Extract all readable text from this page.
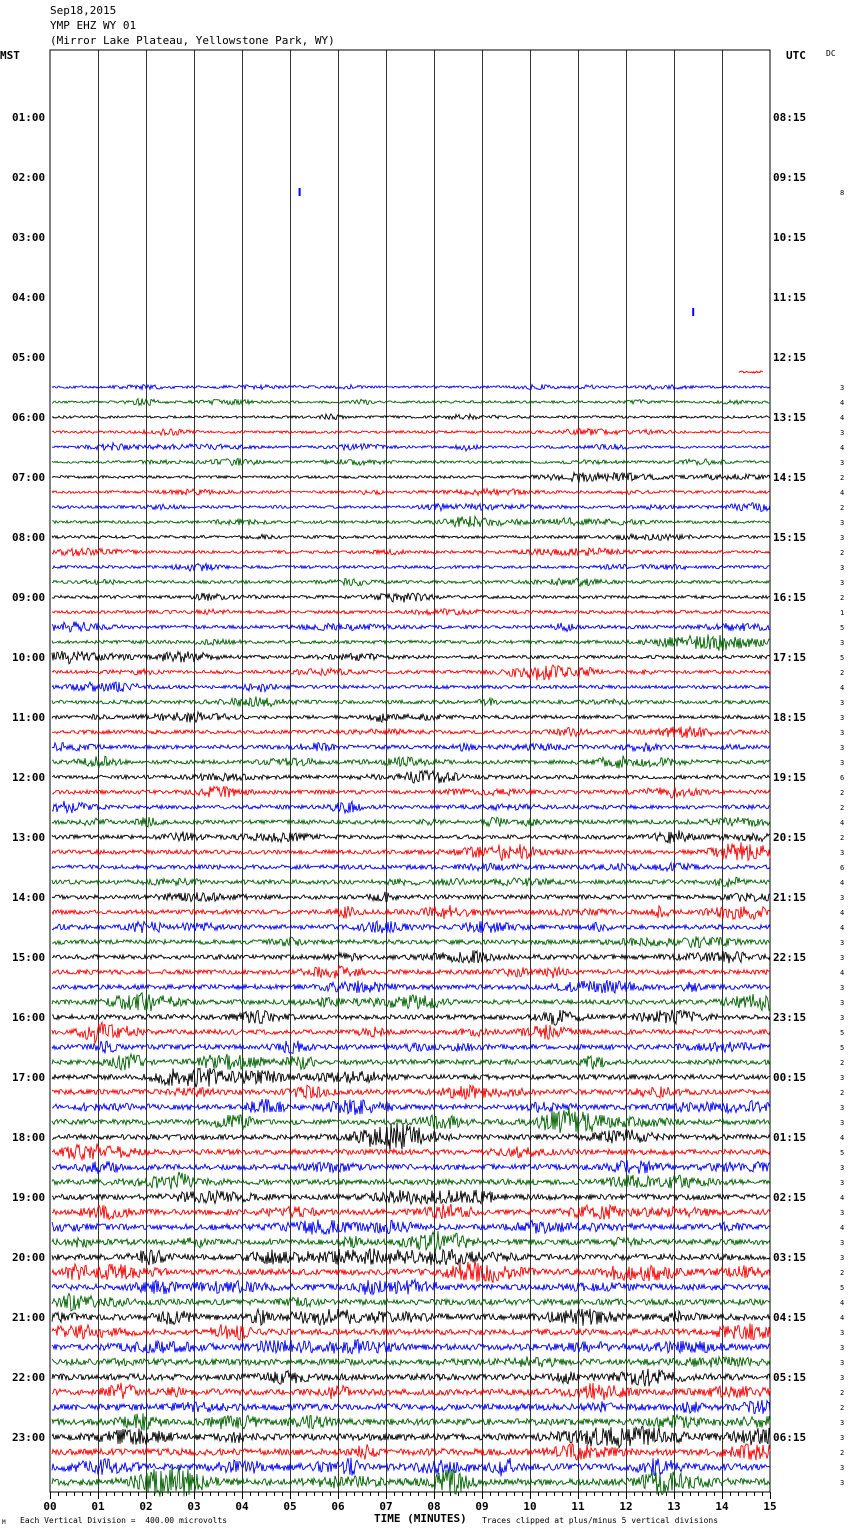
Sep18,2015
YMP EHZ WY 01
(Mirror Lake Plateau, Yellowstone Park, WY)
MST	UTC	DC
00	01	02	03	04	05	06	07	08	09	10	11	12	13	14	15
01:00
02:00
03:00
04:00
05:00
06:00
07:00
08:00
09:00
10:00
11:00
12:00
13:00
14:00
15:00
16:00
17:00
18:00
19:00
20:00
21:00
22:00
23:00
08:15
09:15
10:15
11:15
12:15
13:15
14:15
15:15
16:15
17:15
18:15
19:15
20:15
21:15
22:15
23:15
00:15
01:15
02:15
03:15
04:15
05:15
06:15
8
3
4
4
3
4
3
2
4
2
3
3
2
3
3
2
1
5
3
5
2
4
3
3
3
3
3
6
2
2
4
2
3
6
4
3
4
4
3
3
4
3
3
3
5
5
2
3
2
3
3
4
5
3
3
4
3
4
3
3
2
5
4
4
3
3
3
3
2
2
3
3
2
3
3
M Each Vertical Division =  400.00 microvolts	TIME (MINUTES) Traces clipped at plus/minus 5 vertical divisions
